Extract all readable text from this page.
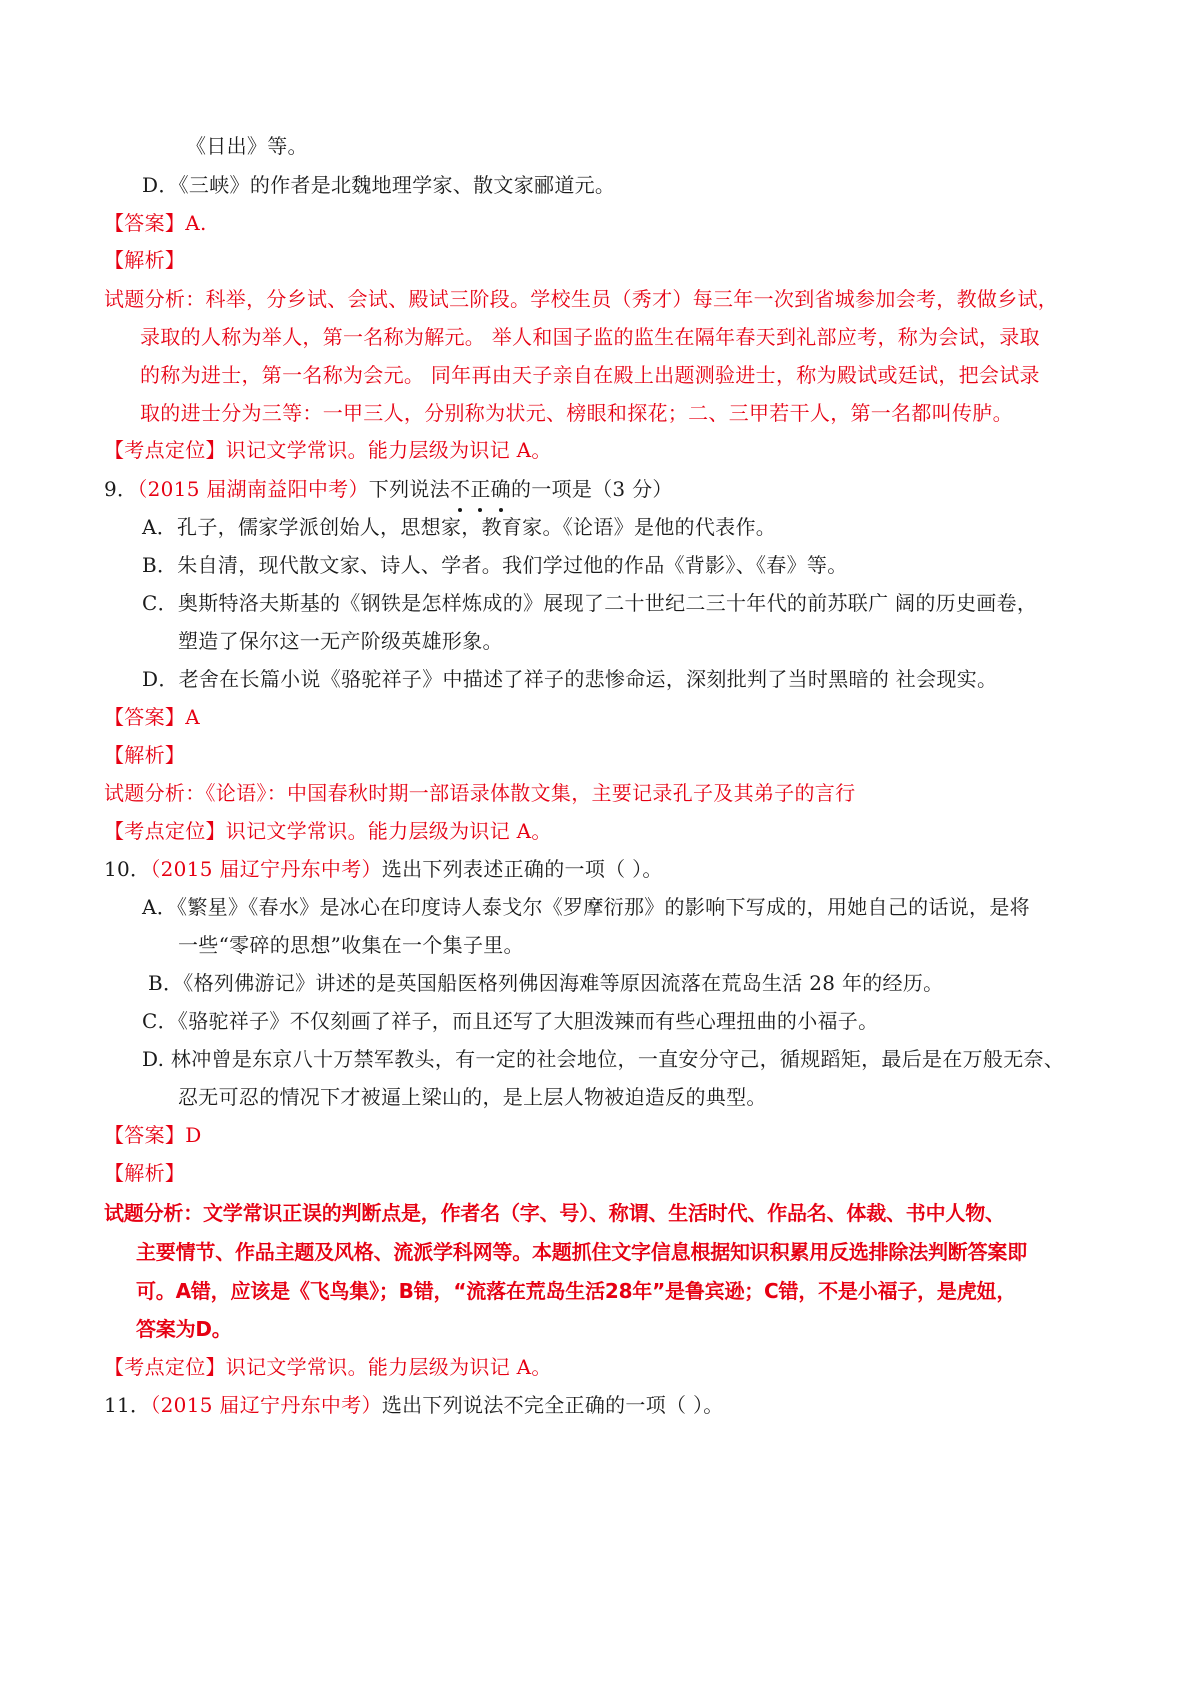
《日出》等。
D．《三峡》的作者是北魏地理学家、散文家郦道元。
【答案】A.
【解析】
试题分析：科举，分乡试、会试、殿试三阶段。学校生员（秀才）每三年一次到省城参加会考，教做乡试，
录取的人称为举人，第一名称为解元。 举人和国子监的监生在隔年春天到礼部应考，称为会试，录取
的称为进士，第一名称为会元。 同年再由天子亲自在殿上出题测验进士，称为殿试或廷试，把会试录
取的进士分为三等：一甲三人，分别称为状元、榜眼和探花；二、三甲若干人，第一名都叫传胪。
【考点定位】识记文学常识。能力层级为识记 A。
9．（2015 届湖南益阳中考）下列说法不正确的一项是（3 分）
A．孔子，儒家学派创始人，思想家，教育家。《论语》是他的代表作。
B．朱自清，现代散文家、诗人、学者。我们学过他的作品《背影》、《春》等。
C．奥斯特洛夫斯基的《钢铁是怎样炼成的》展现了二十世纪二三十年代的前苏联广 阔的历史画卷，
塑造了保尔这一无产阶级英雄形象。
D．老舍在长篇小说《骆驼祥子》中描述了祥子的悲惨命运，深刻批判了当时黑暗的 社会现实。
【答案】A
【解析】
试题分析：《论语》：中国春秋时期一部语录体散文集，主要记录孔子及其弟子的言行
【考点定位】识记文学常识。能力层级为识记 A。
10．（2015 届辽宁丹东中考）选出下列表述正确的一项（ ）。
A．《繁星》《春水》是冰心在印度诗人泰戈尔《罗摩衍那》的影响下写成的，用她自己的话说，是将
一些“零碎的思想”收集在一个集子里。
B．《格列佛游记》讲述的是英国船医格列佛因海难等原因流落在荒岛生活 28 年的经历。
C．《骆驼祥子》不仅刻画了祥子，而且还写了大胆泼辣而有些心理扭曲的小福子。
D. 林冲曾是东京八十万禁军教头，有一定的社会地位，一直安分守己，循规蹈矩，最后是在万般无奈、
忍无可忍的情况下才被逼上梁山的，是上层人物被迫造反的典型。
【答案】D
【解析】
试题分析：文学常识正误的判断点是，作者名（字、号）、称谓、生活时代、作品名、体裁、书中人物、
主要情节、作品主题及风格、流派学科网等。本题抓住文字信息根据知识积累用反选排除法判断答案即
可。A错，应该是《飞鸟集》；B错，“流落在荒岛生活28年”是鲁宾逊；C错，不是小福子，是虎妞，
答案为D。
【考点定位】识记文学常识。能力层级为识记 A。
11．（2015 届辽宁丹东中考）选出下列说法不完全正确的一项（ ）。
